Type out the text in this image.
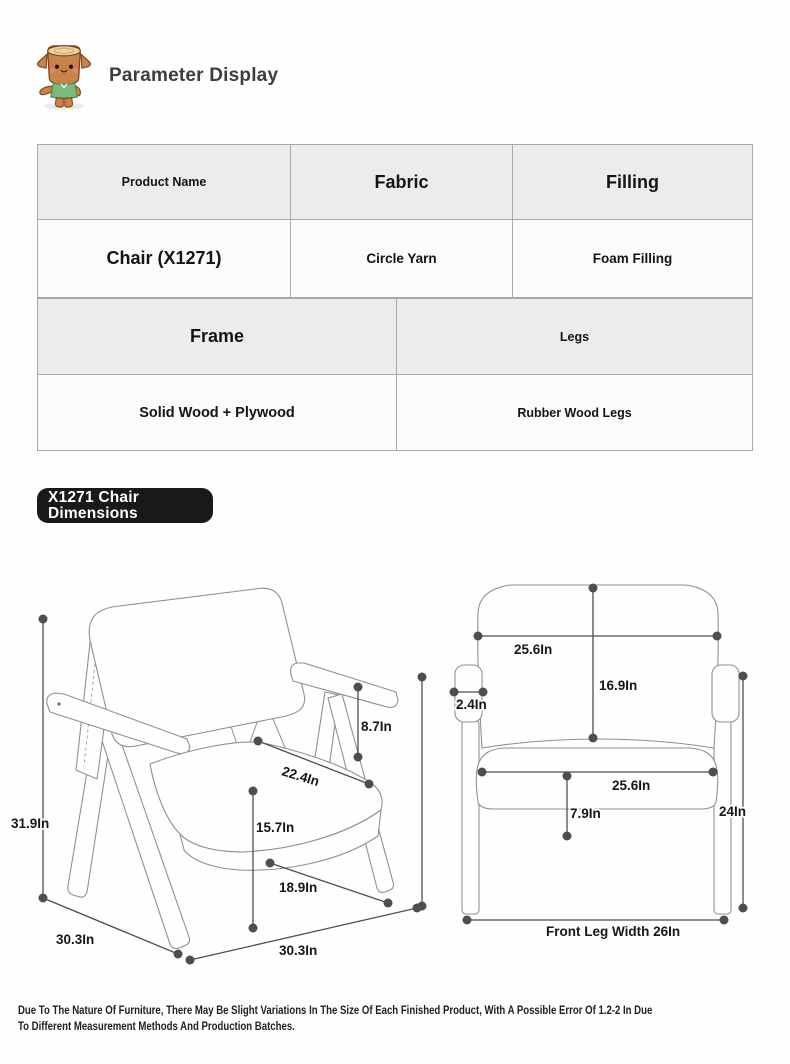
Parameter Display
Product Name	Fabric	Filling
Chair (X1271)	Circle Yarn	Foam Filling
Frame	Legs
Solid Wood + Plywood	Rubber Wood Legs
X1271 Chair
Dimensions
31.9In
30.3In
30.3In
8.7In
22.4In
15.7In
18.9In
25.6In
16.9In
2.4In
25.6In
7.9In	24In
Front Leg Width 26In
Due To The Nature Of Furniture, There May Be Slight Variations In The Size Of Each Finished Product, With A Possible Error Of 1.2-2 In Due
To Different Measurement Methods And Production Batches.
